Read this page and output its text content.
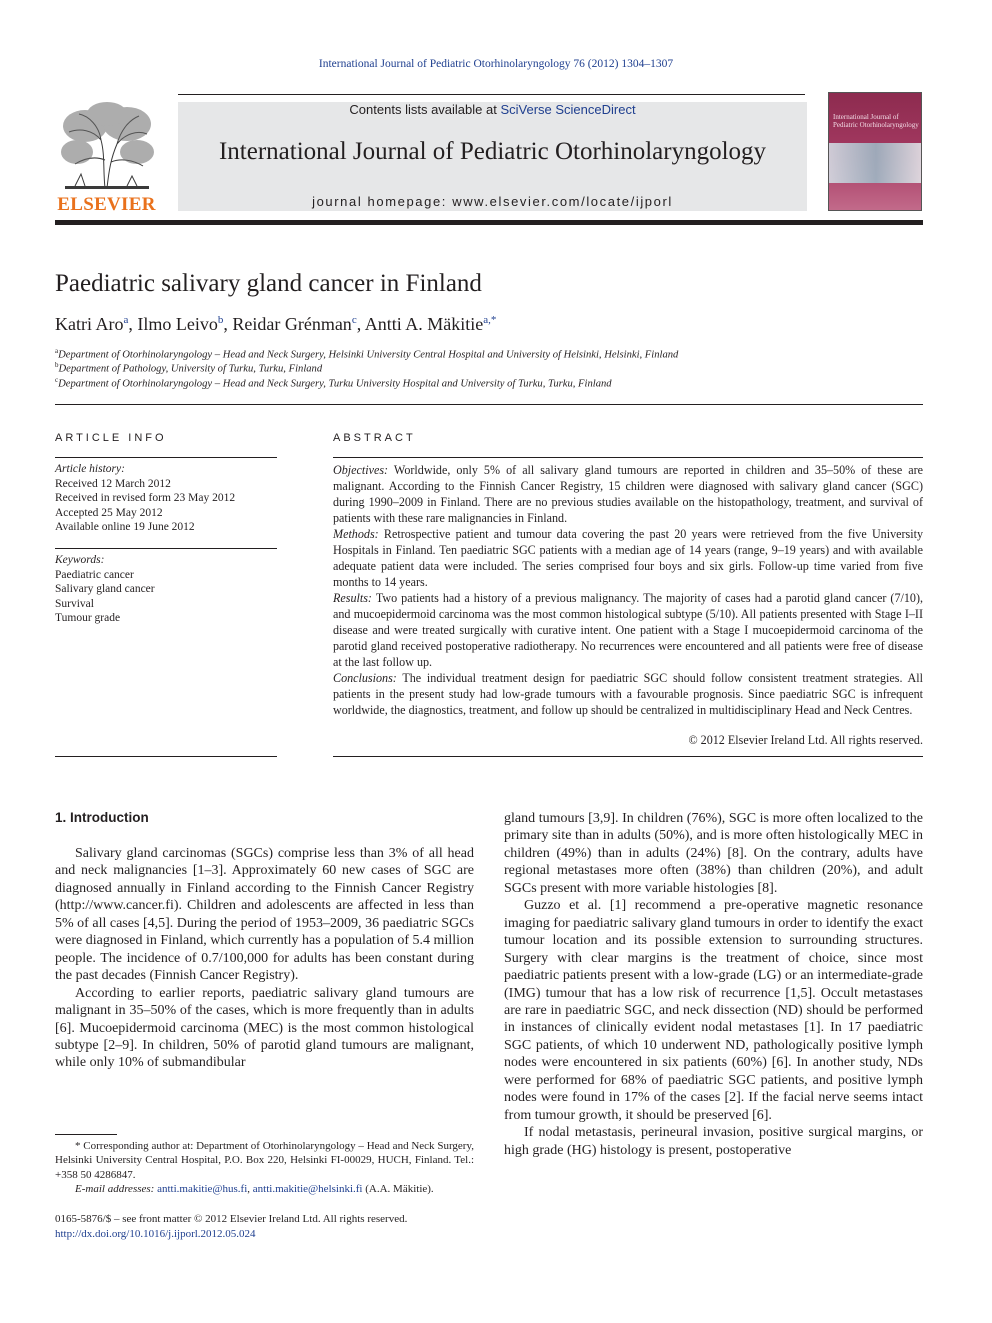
International Journal of Pediatric Otorhinolaryngology 76 (2012) 1304–1307
Contents lists available at SciVerse ScienceDirect
International Journal of Pediatric Otorhinolaryngology
journal homepage: www.elsevier.com/locate/ijporl
ELSEVIER
International Journal of Pediatric Otorhinolaryngology
Paediatric salivary gland cancer in Finland
Katri Aro$^a$, Ilmo Leivo$^b$, Reidar Grénman$^c$, Antti A. Mäkitie$^{a,*}$
$^a$Department of Otorhinolaryngology – Head and Neck Surgery, Helsinki University Central Hospital and University of Helsinki, Helsinki, Finland
$^b$Department of Pathology, University of Turku, Turku, Finland
$^c$Department of Otorhinolaryngology – Head and Neck Surgery, Turku University Hospital and University of Turku, Turku, Finland
ARTICLE INFO	ABSTRACT
Article history:
Received 12 March 2012
Received in revised form 23 May 2012
Accepted 25 May 2012
Available online 19 June 2012
Keywords:
Paediatric cancer
Salivary gland cancer
Survival
Tumour grade

Objectives: Worldwide, only 5% of all salivary gland tumours are reported in children and 35–50% of these are malignant. According to the Finnish Cancer Registry, 15 children were diagnosed with salivary gland cancer (SGC) during 1990–2009 in Finland. There are no previous studies available on the histopathology, treatment, and survival of patients with these rare malignancies in Finland.

Methods: Retrospective patient and tumour data covering the past 20 years were retrieved from the five University Hospitals in Finland. Ten paediatric SGC patients with a median age of 14 years (range, 9–19 years) and with available adequate patient data were included. The series comprised four boys and six girls. Follow-up time varied from five months to 14 years.

Results: Two patients had a history of a previous malignancy. The majority of cases had a parotid gland cancer (7/10), and mucoepidermoid carcinoma was the most common histological subtype (5/10). All patients presented with Stage I–II disease and were treated surgically with curative intent. One patient with a Stage I mucoepidermoid carcinoma of the parotid gland received postoperative radiotherapy. No recurrences were encountered and all patients were free of disease at the last follow up.

Conclusions: The individual treatment design for paediatric SGC should follow consistent treatment strategies. All patients in the present study had low-grade tumours with a favourable prognosis. Since paediatric SGC is infrequent worldwide, the diagnostics, treatment, and follow up should be centralized in multidisciplinary Head and Neck Centres.

© 2012 Elsevier Ireland Ltd. All rights reserved.
1. Introduction

Salivary gland carcinomas (SGCs) comprise less than 3% of all head and neck malignancies [1–3]. Approximately 60 new cases of SGC are diagnosed annually in Finland according to the Finnish Cancer Registry (http://www.cancer.fi). Children and adolescents are affected in less than 5% of all cases [4,5]. During the period of 1953–2009, 36 paediatric SGCs were diagnosed in Finland, which currently has a population of 5.4 million people. The incidence of 0.7/100,000 for adults has been constant during the past decades (Finnish Cancer Registry).

According to earlier reports, paediatric salivary gland tumours are malignant in 35–50% of the cases, which is more frequently than in adults [6]. Mucoepidermoid carcinoma (MEC) is the most common histological subtype [2–9]. In children, 50% of parotid gland tumours are malignant, while only 10% of submandibular

gland tumours [3,9]. In children (76%), SGC is more often localized to the primary site than in adults (50%), and is more often histologically MEC in children (49%) than in adults (24%) [8]. On the contrary, adults have regional metastases more often (38%) than children (20%), and adult SGCs present with more variable histologies [8].

Guzzo et al. [1] recommend a pre-operative magnetic resonance imaging for paediatric salivary gland tumours in order to identify the exact tumour location and its possible extension to surrounding structures. Surgery with clear margins is the treatment of choice, since most paediatric patients present with a low-grade (LG) or an intermediate-grade (IMG) tumour that has a low risk of recurrence [1,5]. Occult metastases are rare in paediatric SGC, and neck dissection (ND) should be performed in instances of clinically evident nodal metastases [1]. In 17 paediatric SGC patients, of which 10 underwent ND, pathologically positive lymph nodes were encountered in six patients (60%) [6]. In another study, NDs were performed for 68% of paediatric SGC patients, and positive lymph nodes were found in 17% of the cases [2]. If the facial nerve seems intact from tumour growth, it should be preserved [6].

If nodal metastasis, perineural invasion, positive surgical margins, or high grade (HG) histology is present, postoperative

* Corresponding author at: Department of Otorhinolaryngology – Head and Neck Surgery, Helsinki University Central Hospital, P.O. Box 220, Helsinki FI-00029, HUCH, Finland. Tel.: +358 50 4286847.

E-mail addresses: antti.makitie@hus.fi, antti.makitie@helsinki.fi (A.A. Mäkitie).

0165-5876/$ – see front matter © 2012 Elsevier Ireland Ltd. All rights reserved.
http://dx.doi.org/10.1016/j.ijporl.2012.05.024
